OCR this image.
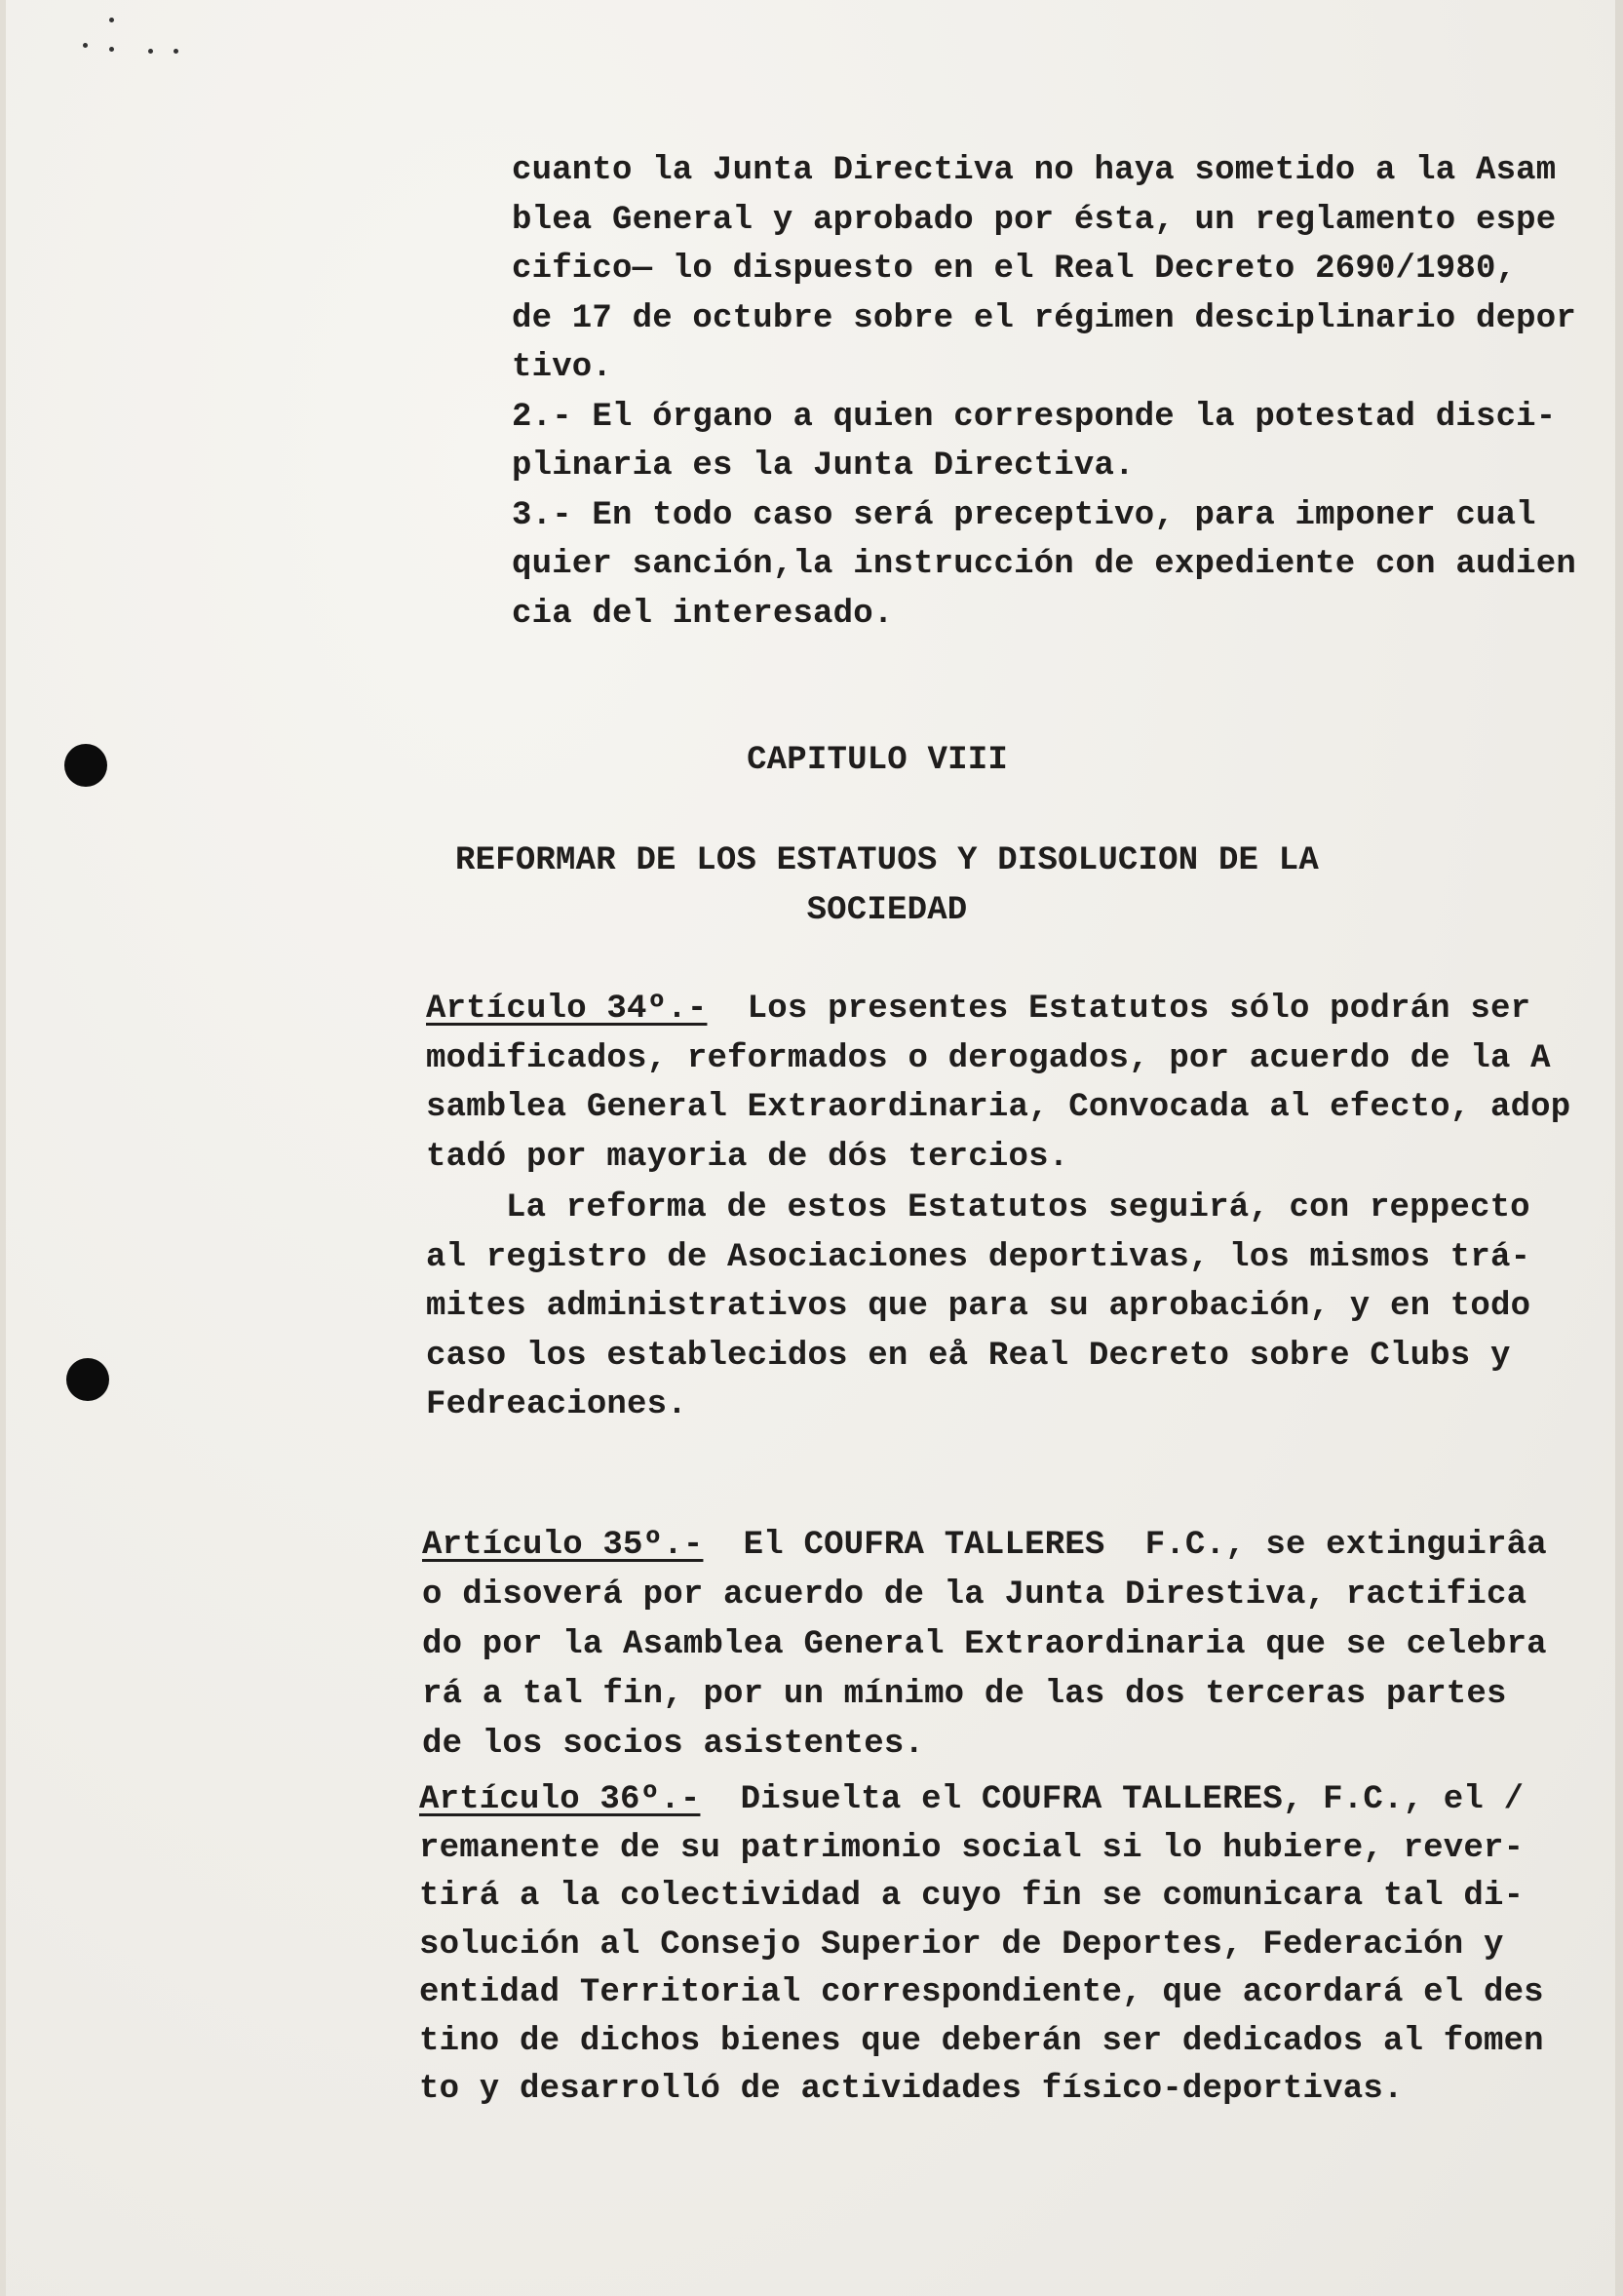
cuanto la Junta Directiva no haya sometido a la Asam
blea General y aprobado por ésta, un reglamento espe
cifico— lo dispuesto en el Real Decreto 2690/1980,
de 17 de octubre sobre el régimen desciplinario depor
tivo.
2.- El órgano a quien corresponde la potestad disci-
plinaria es la Junta Directiva.
3.- En todo caso será preceptivo, para imponer cual
quier sanción,la instrucción de expediente con audien
cia del interesado.
CAPITULO VIII
REFORMAR DE LOS ESTATUOS Y DISOLUCION DE LA
SOCIEDAD
Artículo 34º.-  Los presentes Estatutos sólo podrán ser
modificados, reformados o derogados, por acuerdo de la A
samblea General Extraordinaria, Convocada al efecto, adop
tadó por mayoria de dós tercios.
La reforma de estos Estatutos seguirá, con reppecto
al registro de Asociaciones deportivas, los mismos trá-
mites administrativos que para su aprobación, y en todo
caso los establecidos en eå Real Decreto sobre Clubs y
Fedreaciones.
Artículo 35º.-  El COUFRA TALLERES  F.C., se extinguirâa
o disoverá por acuerdo de la Junta Direstiva, ractifica
do por la Asamblea General Extraordinaria que se celebra
rá a tal fin, por un mínimo de las dos terceras partes
de los socios asistentes.
Artículo 36º.-  Disuelta el COUFRA TALLERES, F.C., el /
remanente de su patrimonio social si lo hubiere, rever-
tirá a la colectividad a cuyo fin se comunicara tal di-
solución al Consejo Superior de Deportes, Federación y
entidad Territorial correspondiente, que acordará el des
tino de dichos bienes que deberán ser dedicados al fomen
to y desarrolló de actividades físico-deportivas.
